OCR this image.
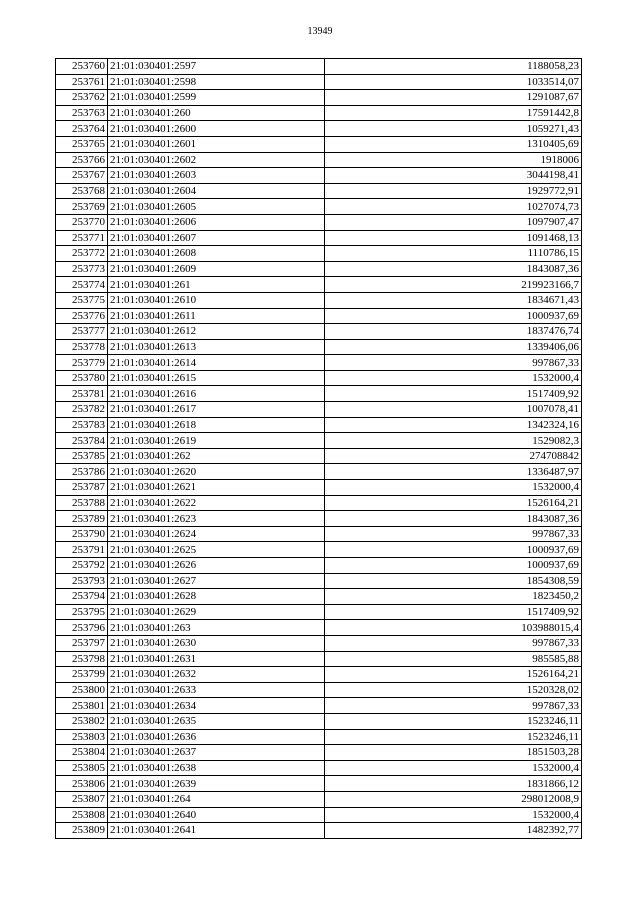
13949
253760	21:01:030401:2597	1188058,23
253761	21:01:030401:2598	1033514,07
253762	21:01:030401:2599	1291087,67
253763	21:01:030401:260	17591442,8
253764	21:01:030401:2600	1059271,43
253765	21:01:030401:2601	1310405,69
253766	21:01:030401:2602	1918006
253767	21:01:030401:2603	3044198,41
253768	21:01:030401:2604	1929772,91
253769	21:01:030401:2605	1027074,73
253770	21:01:030401:2606	1097907,47
253771	21:01:030401:2607	1091468,13
253772	21:01:030401:2608	1110786,15
253773	21:01:030401:2609	1843087,36
253774	21:01:030401:261	219923166,7
253775	21:01:030401:2610	1834671,43
253776	21:01:030401:2611	1000937,69
253777	21:01:030401:2612	1837476,74
253778	21:01:030401:2613	1339406,06
253779	21:01:030401:2614	997867,33
253780	21:01:030401:2615	1532000,4
253781	21:01:030401:2616	1517409,92
253782	21:01:030401:2617	1007078,41
253783	21:01:030401:2618	1342324,16
253784	21:01:030401:2619	1529082,3
253785	21:01:030401:262	274708842
253786	21:01:030401:2620	1336487,97
253787	21:01:030401:2621	1532000,4
253788	21:01:030401:2622	1526164,21
253789	21:01:030401:2623	1843087,36
253790	21:01:030401:2624	997867,33
253791	21:01:030401:2625	1000937,69
253792	21:01:030401:2626	1000937,69
253793	21:01:030401:2627	1854308,59
253794	21:01:030401:2628	1823450,2
253795	21:01:030401:2629	1517409,92
253796	21:01:030401:263	103988015,4
253797	21:01:030401:2630	997867,33
253798	21:01:030401:2631	985585,88
253799	21:01:030401:2632	1526164,21
253800	21:01:030401:2633	1520328,02
253801	21:01:030401:2634	997867,33
253802	21:01:030401:2635	1523246,11
253803	21:01:030401:2636	1523246,11
253804	21:01:030401:2637	1851503,28
253805	21:01:030401:2638	1532000,4
253806	21:01:030401:2639	1831866,12
253807	21:01:030401:264	298012008,9
253808	21:01:030401:2640	1532000,4
253809	21:01:030401:2641	1482392,77
